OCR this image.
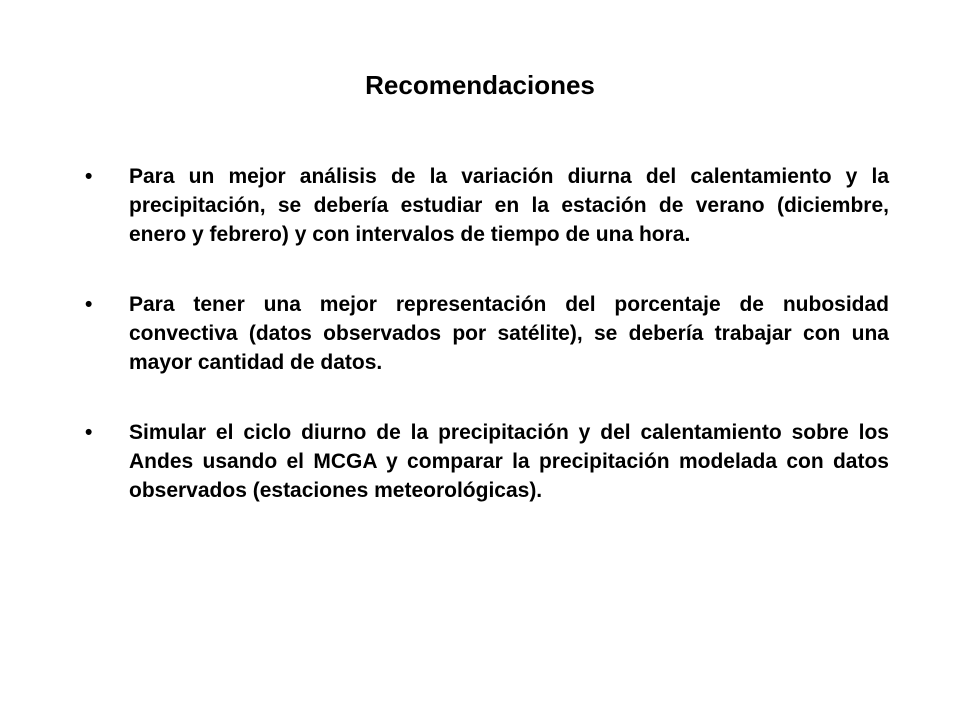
Recomendaciones
•	Para un mejor análisis de la variación diurna del calentamiento y la precipitación, se debería estudiar en la estación de verano (diciembre, enero y febrero) y con intervalos de tiempo de una hora.
•	Para tener una mejor representación del porcentaje de nubosidad convectiva (datos observados por satélite), se debería trabajar con una mayor cantidad de datos.
•	Simular el ciclo diurno de la precipitación y del calentamiento sobre los Andes usando el MCGA y comparar la precipitación modelada con datos observados (estaciones meteorológicas).
